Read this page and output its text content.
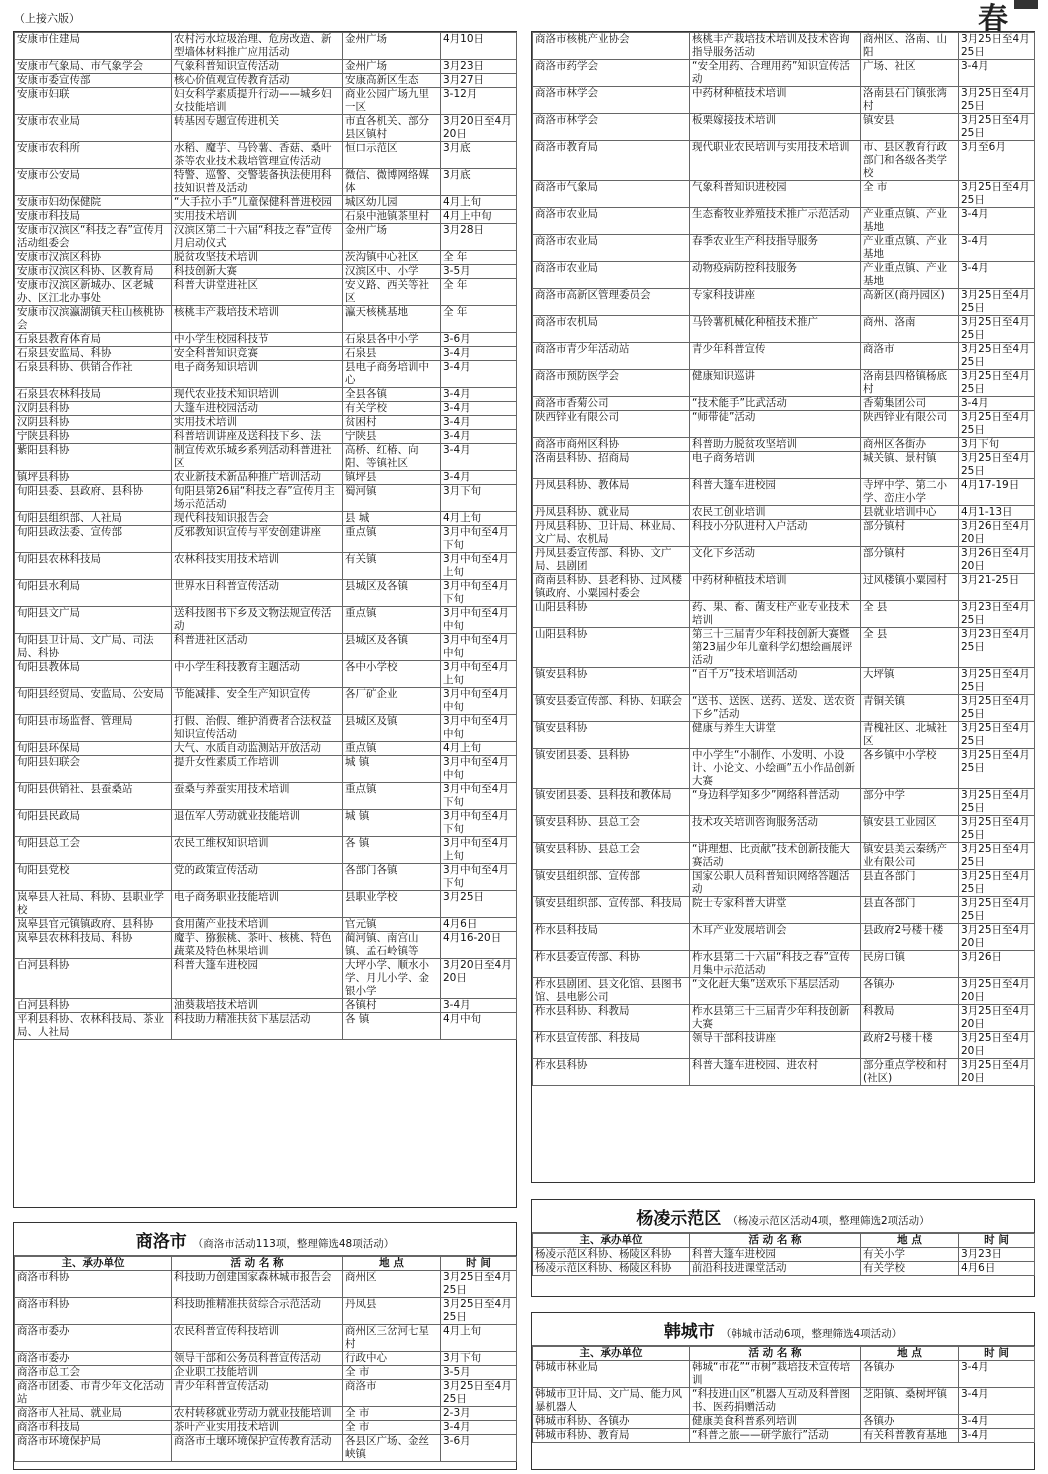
（上接六版）	春
安康市住建局	农村污水垃圾治理、危房改造、新型墙体材料推广应用活动	金州广场	4月10日
安康市气象局、市气象学会	气象科普知识宣传活动	金州广场	3月23日
安康市委宣传部	核心价值观宣传教育活动	安康高新区生态	3月27日
安康市妇联	妇女科学素质提升行动——城乡妇女技能培训	商业公园广场九里一区	3-12月
安康市农业局	转基因专题宣传进机关	市直各机关、部分县区镇村	3月20日至4月20日
安康市农科所	水稻、魔芋、马铃薯、香菇、桑叶茶等农业技术栽培管理宣传活动	恒口示范区	3月底
安康市公安局	特警、巡警、交警装备执法使用科技知识普及活动	微信、微博网络媒体	3月底
安康市妇幼保健院	“大手拉小手”儿童保健科普进校园	城区幼儿园	4月上旬
安康市科技局	实用技术培训	石泉中池镇茶里村	4月上中旬
安康市汉滨区“科技之春”宣传月活动组委会	汉滨区第二十六届“科技之春”宣传月启动仪式	金州广场	3月28日
安康市汉滨区科协	脱贫攻坚技术培训	茨沟镇中心社区	全 年
安康市汉滨区科协、区教育局	科技创新大赛	汉滨区中、小学	3-5月
安康市汉滨区新城办、区老城办、区江北办事处	科普大讲堂进社区	安义路、西关等社区	全 年
安康市汉滨瀛湖镇天柱山核桃协会	核桃丰产栽培技术培训	瀛天核桃基地	全 年
石泉县教育体育局	中小学生校园科技节	石泉县各中小学	3-6月
石泉县安监局、科协	安全科普知识竞赛	石泉县	3-4月
石泉县科协、供销合作社	电子商务知识培训	县电子商务培训中心	3-4月
石泉县农林科技局	现代农业技术知识培训	全县各镇	3-4月
汉阴县科协	大篷车进校园活动	有关学校	3-4月
汉阴县科协	实用技术培训	贫困村	3-4月
宁陕县科协	科普培训讲座及送科技下乡、法	宁陕县	3-4月
紫阳县科协	制宣传欢乐城乡系列活动科普进社区	高桥、红椿、向阳、等镇社区	3-4月
镇坪县科协	农业新技术新品种推广培训活动	镇坪县	3-4月
旬阳县委、县政府、县科协	旬阳县第26届“科技之春”宣传月主场示范活动	蜀河镇	3月下旬
旬阳县组织部、人社局	现代科技知识报告会	县 城	4月上旬
旬阳县政法委、宣传部	反邪教知识宣传与平安创建讲座	重点镇	3月中旬至4月下旬
旬阳县农林科技局	农林科技实用技术培训	有关镇	3月中旬至4月上旬
旬阳县水利局	世界水日科普宣传活动	县城区及各镇	3月中旬至4月下旬
旬阳县文广局	送科技图书下乡及文物法规宣传活动	重点镇	3月中旬至4月中旬
旬阳县卫计局、文广局、司法局、科协	科普进社区活动	县城区及各镇	3月中旬至4月中旬
旬阳县教体局	中小学生科技教育主题活动	各中小学校	3月中旬至4月上旬
旬阳县经贸局、安监局、公安局	节能减排、安全生产知识宣传	各厂矿企业	3月中旬至4月中旬
旬阳县市场监督、管理局	打假、治假、维护消费者合法权益知识宣传活动	县城区及镇	3月中旬至4月中旬
旬阳县环保局	大气、水质自动监测站开放活动	重点镇	4月上旬
旬阳县妇联会	提升女性素质工作培训	城 镇	3月中旬至4月中旬
旬阳县供销社、县蚕桑站	蚕桑与养蚕实用技术培训	重点镇	3月中旬至4月下旬
旬阳县民政局	退伍军人劳动就业技能培训	城 镇	3月中旬至4月下旬
旬阳县总工会	农民工维权知识培训	各 镇	3月中旬至4月上旬
旬阳县党校	党的政策宣传活动	各部门各镇	3月中旬至4月下旬
岚皋县人社局、科协、县职业学校	电子商务职业技能培训	县职业学校	3月25日
岚皋县官元镇镇政府、县科协	食用菌产业技术培训	官元镇	4月6日
岚皋县农林科技局、科协	魔芋、猕猴桃、茶叶、核桃、特色蔬菜及特色林果培训	蔺河镇、南宫山镇、孟石岭镇等	4月16-20日
白河县科协	科普大篷车进校园	大坪小学、顺水小学、月儿小学、金银小学	3月20日至4月20日
白河县科协	油葵栽培技术培训	各镇村	3-4月
平利县科协、农林科技局、茶业局、人社局	科技助力精准扶贫下基层活动	各 镇	4月中旬
商洛市 （商洛市活动113项，整理筛选48项活动）
主、承办单位	活 动 名 称	地 点	时 间
商洛市科协	科技助力创建国家森林城市报告会	商州区	3月25日至4月25日
商洛市科协	科技助推精准扶贫综合示范活动	丹凤县	3月25日至4月25日
商洛市委办	农民科普宣传科技培训	商州区三岔河七星村	4月上旬
商洛市委办	领导干部和公务员科普宣传活动	行政中心	3月下旬
商洛市总工会	企业职工技能培训	全 市	3-5月
商洛市团委、市青少年文化活动站	青少年科普宣传活动	商洛市	3月25日至4月25日
商洛市人社局、就业局	农村转移就业劳动力就业技能培训	全 市	2-3月
商洛市科技局	茶叶产业实用技术培训	全 市	3-4月
商洛市环境保护局	商洛市土壤环境保护宣传教育活动	各县区广场、金丝峡镇	3-6月
商洛市核桃产业协会	核桃丰产栽培技术培训及技术咨询指导服务活动	商州区、洛南、山阳	3月25日至4月25日
商洛市药学会	“安全用药、合理用药”知识宣传活动	广场、社区	3-4月
商洛市林学会	中药材种植技术培训	洛南县石门镇张湾村	3月25日至4月25日
商洛市林学会	板栗嫁接技术培训	镇安县	3月25日至4月25日
商洛市教育局	现代职业农民培训与实用技术培训	市、县区教育行政部门和各级各类学校	3月至6月
商洛市气象局	气象科普知识进校园	全 市	3月25日至4月25日
商洛市农业局	生态畜牧业养殖技术推广示范活动	产业重点镇、产业基地	3-4月
商洛市农业局	春季农业生产科技指导服务	产业重点镇、产业基地	3-4月
商洛市农业局	动物疫病防控科技服务	产业重点镇、产业基地	3-4月
商洛市高新区管理委员会	专家科技讲座	高新区(商丹园区)	3月25日至4月25日
商洛市农机局	马铃薯机械化种植技术推广	商州、洛南	3月25日至4月25日
商洛市青少年活动站	青少年科普宣传	商洛市	3月25日至4月25日
商洛市预防医学会	健康知识巡讲	洛南县四格镇杨底村	3月25日至4月25日
商洛市香菊公司	“技术能手”比武活动	香菊集团公司	3-4月
陕西锌业有限公司	“师带徒”活动	陕西锌业有限公司	3月25日至4月25日
商洛市商州区科协	科普助力脱贫攻坚培训	商州区各街办	3月下旬
洛南县科协、招商局	电子商务培训	城关镇、景村镇	3月25日至4月25日
丹凤县科协、教体局	科普大篷车进校园	寺坪中学、第二小学、峦庄小学	4月17-19日
丹凤县科协、就业局	农民工创业培训	县就业培训中心	4月1-13日
丹凤县科协、卫计局、林业局、文广局、农机局	科技小分队进村入户活动	部分镇村	3月26日至4月20日
丹凤县委宣传部、科协、文广局、县剧团	文化下乡活动	部分镇村	3月26日至4月20日
商南县科协、县老科协、过风楼镇政府、小粟园村委会	中药材种植技术培训	过风楼镇小粟园村	3月21-25日
山阳县科协	药、果、畜、菌支柱产业专业技术培训	全 县	3月23日至4月25日
山阳县科协	第三十三届青少年科技创新大赛暨第23届少年儿童科学幻想绘画展评活动	全 县	3月23日至4月25日
镇安县科协	“百千万”技术培训活动	大坪镇	3月25日至4月25日
镇安县委宣传部、科协、妇联会	“送书、送医、送药、送发、送农资下乡”活动	青铜关镇	3月25日至4月25日
镇安县科协	健康与养生大讲堂	青槐社区、北城社区	3月25日至4月25日
镇安团县委、县科协	中小学生“小制作、小发明、小设计、小论文、小绘画”五小作品创新大赛	各乡镇中小学校	3月25日至4月25日
镇安团县委、县科技和教体局	“身边科学知多少”网络科普活动	部分中学	3月25日至4月25日
镇安县科协、县总工会	技术攻关培训咨询服务活动	镇安县工业园区	3月25日至4月25日
镇安县科协、县总工会	“讲理想、比贡献”技术创新技能大赛活动	镇安县美云秦绣产业有限公司	3月25日至4月25日
镇安县组织部、宣传部	国家公职人员科普知识网络答题活动	县直各部门	3月25日至4月25日
镇安县组织部、宣传部、科技局	院士专家科普大讲堂	县直各部门	3月25日至4月25日
柞水县科技局	木耳产业发展培训会	县政府2号楼十楼	3月25日至4月20日
柞水县委宣传部、科协	柞水县第二十六届“科技之春”宣传月集中示范活动	民房口镇	3月26日
柞水县剧团、县文化馆、县图书馆、县电影公司	“文化赶大集”送欢乐下基层活动	各镇办	3月25日至4月20日
柞水县科协、科教局	柞水县第三十三届青少年科技创新大赛	科教局	3月25日至4月20日
柞水县宣传部、科技局	领导干部科技讲座	政府2号楼十楼	3月25日至4月20日
柞水县科协	科普大篷车进校园、进农村	部分重点学校和村(社区)	3月25日至4月20日
杨凌示范区 （杨凌示范区活动4项，整理筛选2项活动）
主、承办单位	活 动 名 称	地 点	时 间
杨凌示范区科协、杨陵区科协	科普大篷车进校园	有关小学	3月23日
杨凌示范区科协、杨陵区科协	前沿科技进课堂活动	有关学校	4月6日
韩城市 （韩城市活动6项，整理筛选4项活动）
主、承办单位	活 动 名 称	地 点	时 间
韩城市林业局	韩城“市花”“市树”栽培技术宣传培训	各镇办	3-4月
韩城市卫计局、文广局、能力风暴机器人	“科技进山区”机器人互动及科普图书、医药捐赠活动	芝阳镇、桑树坪镇	3-4月
韩城市科协、各镇办	健康美食科普系列培训	各镇办	3-4月
韩城市科协、教育局	“科普之旅——研学旅行”活动	有关科普教育基地	3-4月
